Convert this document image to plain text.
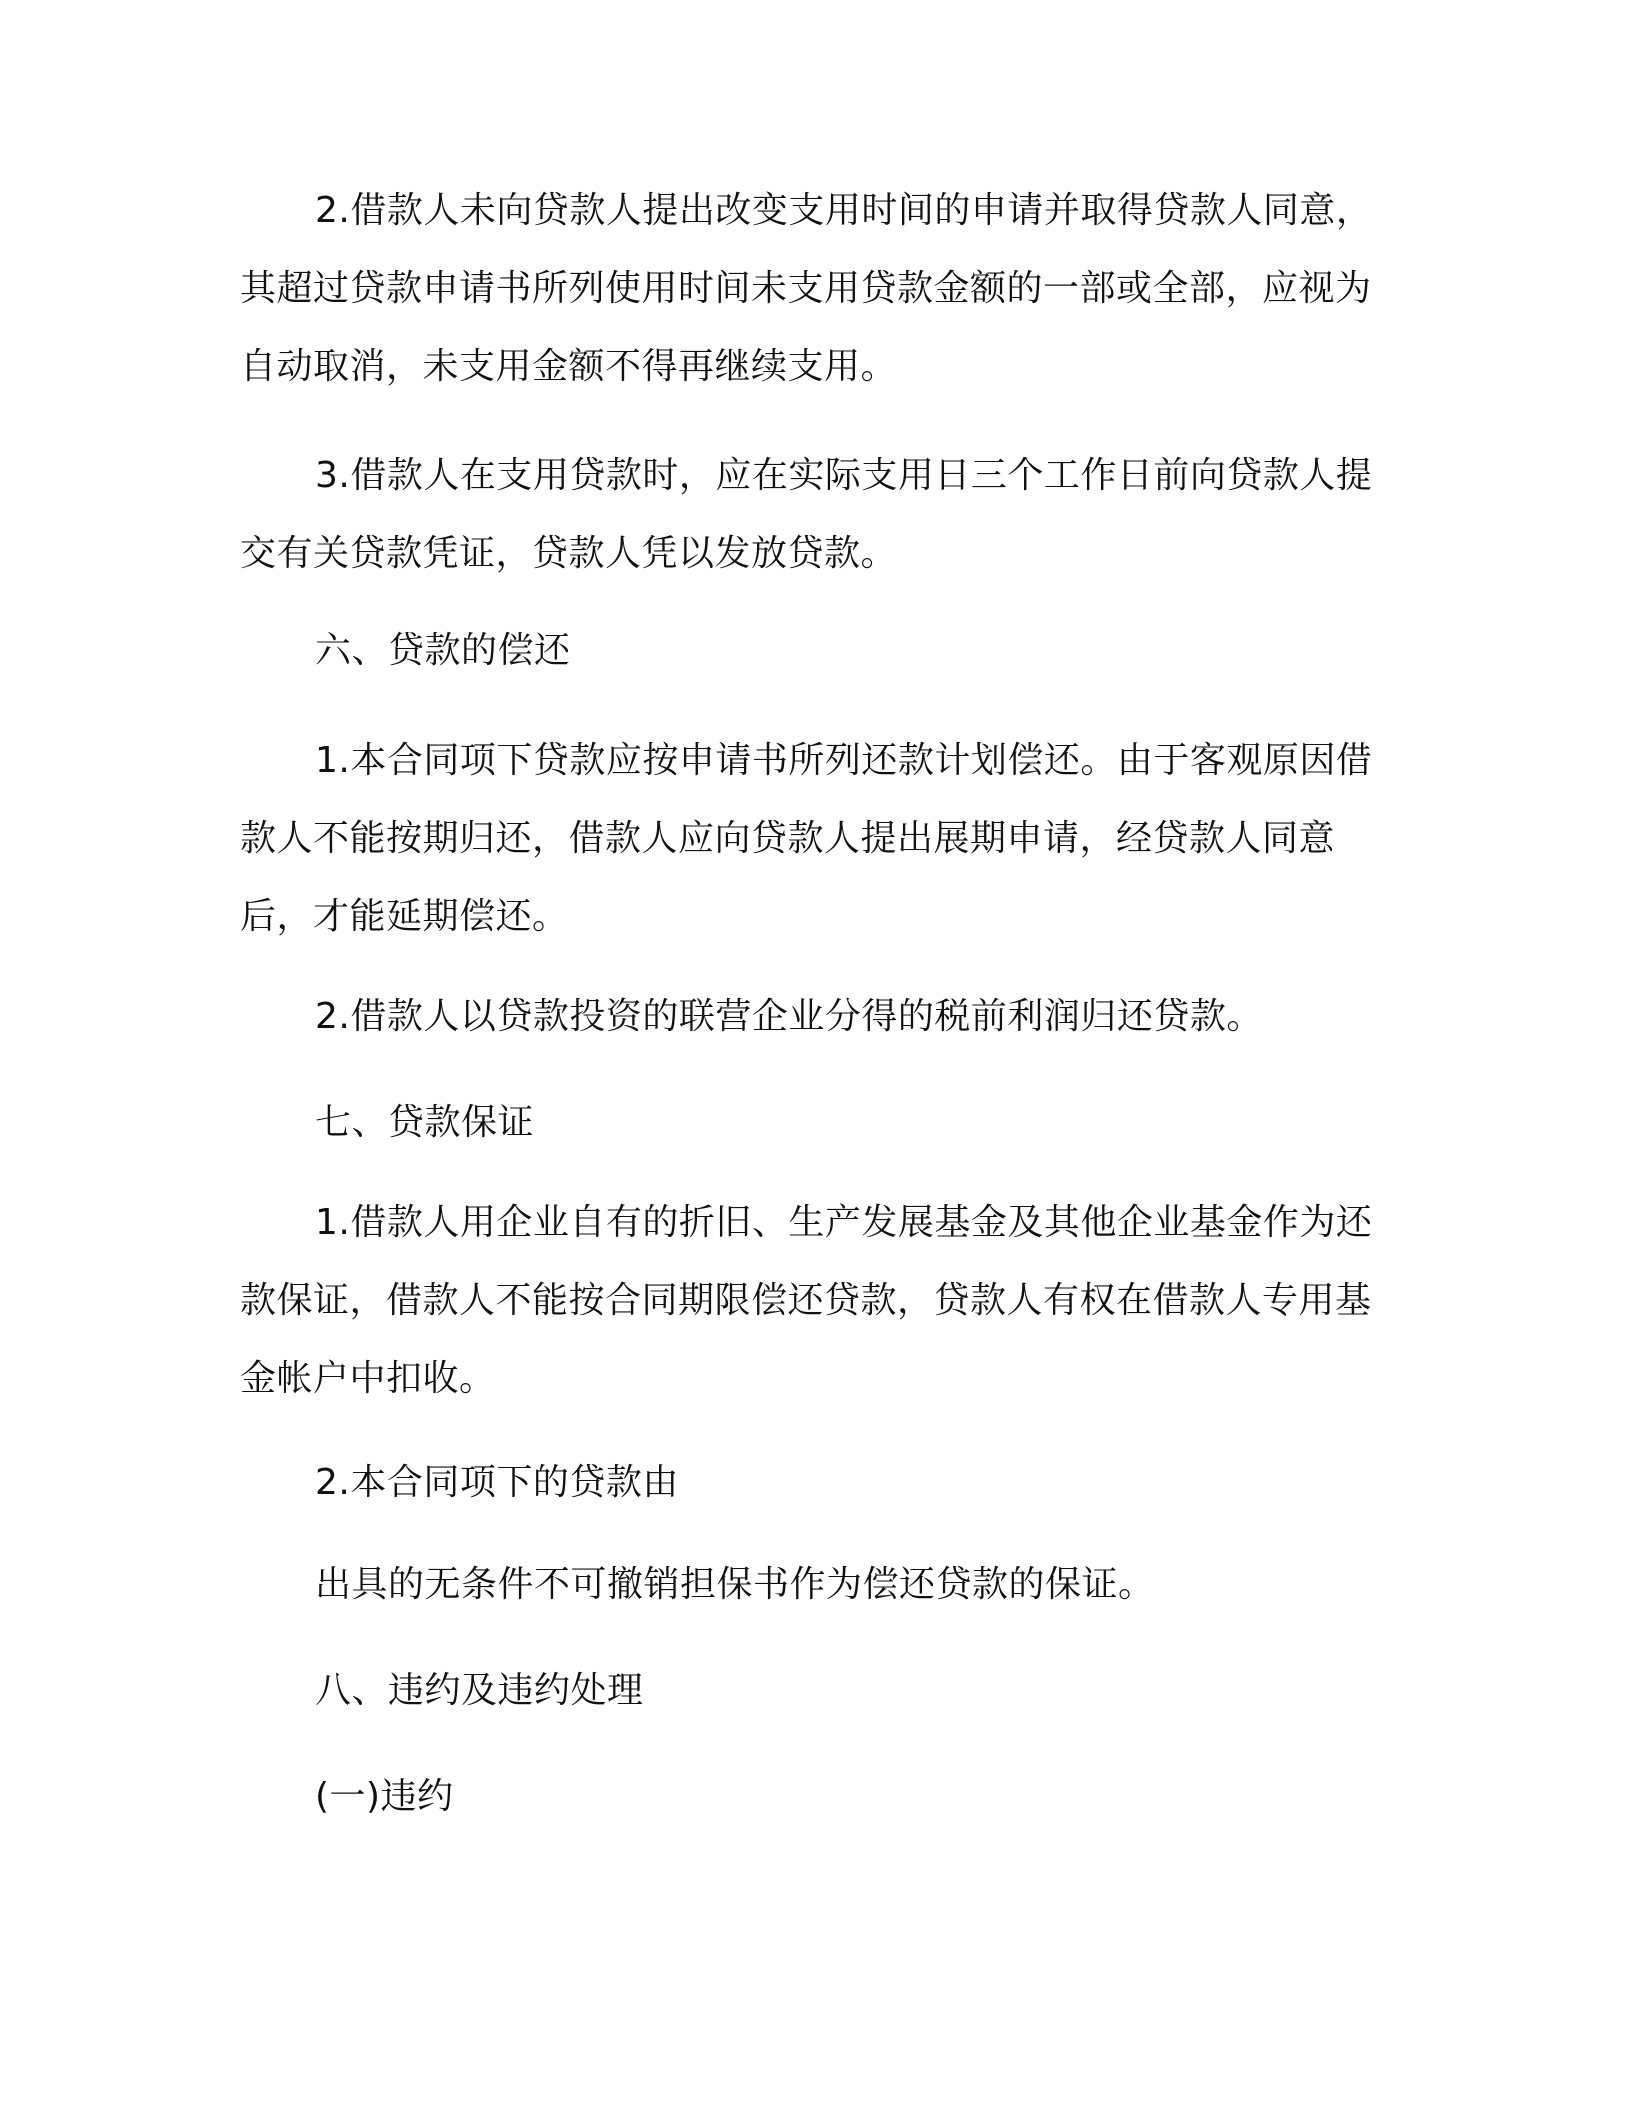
2.借款人未向贷款人提出改变支用时间的申请并取得贷款人同意，其超过贷款申请书所列使用时间未支用贷款金额的一部或全部，应视为自动取消，未支用金额不得再继续支用。

3.借款人在支用贷款时，应在实际支用日三个工作日前向贷款人提交有关贷款凭证，贷款人凭以发放贷款。

六、贷款的偿还

1.本合同项下贷款应按申请书所列还款计划偿还。由于客观原因借款人不能按期归还，借款人应向贷款人提出展期申请，经贷款人同意后，才能延期偿还。

2.借款人以贷款投资的联营企业分得的税前利润归还贷款。

七、贷款保证

1.借款人用企业自有的折旧、生产发展基金及其他企业基金作为还款保证，借款人不能按合同期限偿还贷款，贷款人有权在借款人专用基金帐户中扣收。

2.本合同项下的贷款由

出具的无条件不可撤销担保书作为偿还贷款的保证。

八、违约及违约处理

(一)违约
